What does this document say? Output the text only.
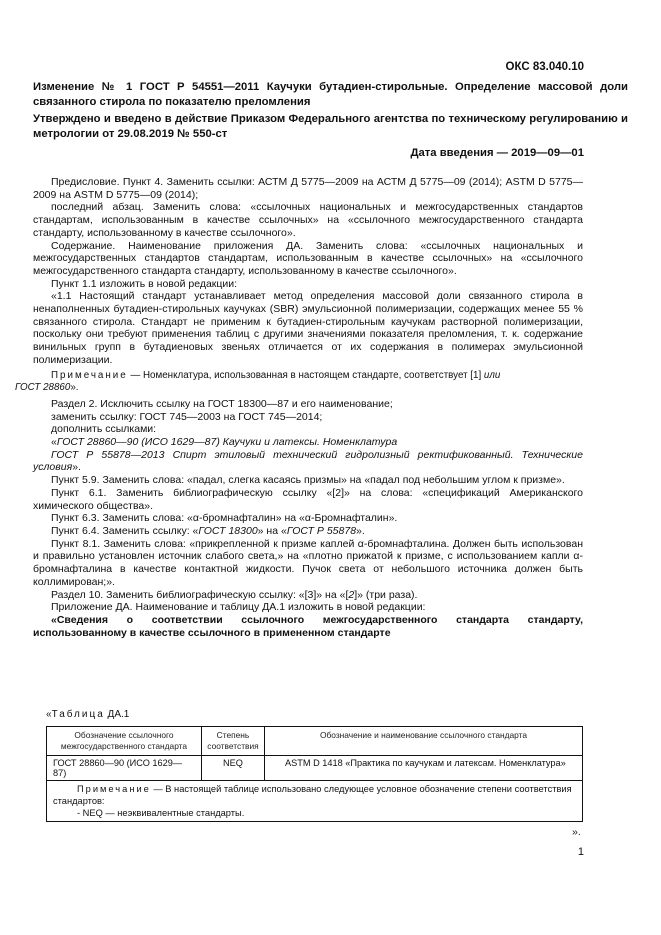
ОКС 83.040.10
Изменение № 1 ГОСТ Р 54551—2011 Каучуки бутадиен-стирольные. Определение массовой доли связанного стирола по показателю преломления
Утверждено и введено в действие Приказом Федерального агентства по техническому регулированию и метрологии от 29.08.2019 № 550-ст
Дата введения — 2019—09—01

Предисловие. Пункт 4. Заменить ссылки: АСТМ Д 5775—2009 на АСТМ Д 5775—09 (2014); ASTM D 5775—2009 на ASTM D 5775—09 (2014);

последний абзац. Заменить слова: «ссылочных национальных и межгосударственных стандартов стандартам, использованным в качестве ссылочных» на «ссылочного межгосударственного стандарта стандарту, использованному в качестве ссылочного».

Содержание. Наименование приложения ДА. Заменить слова: «ссылочных национальных и межгосударственных стандартов стандартам, использованным в качестве ссылочных» на «ссылочного межгосударственного стандарта стандарту, использованному в качестве ссылочного».

Пункт 1.1 изложить в новой редакции:

«1.1 Настоящий стандарт устанавливает метод определения массовой доли связанного стирола в ненаполненных бутадиен-стирольных каучуках (SBR) эмульсионной полимеризации, содержащих менее 55 % связанного стирола. Стандарт не применим к бутадиен-стирольным каучукам растворной полимеризации, поскольку они требуют применения таблиц с другими значениями показателя преломления, т. к. содержание винильных групп в бутадиеновых звеньях отличается от их содержания в полимерах эмульсионной полимеризации.

Примечание — Номенклатура, использованная в настоящем стандарте, соответствует [1] или
ГОСТ 28860».

Раздел 2. Исключить ссылку на ГОСТ 18300—87 и его наименование;

заменить ссылку: ГОСТ 745—2003 на ГОСТ 745—2014;

дополнить ссылками:

«ГОСТ 28860—90 (ИСО 1629—87) Каучуки и латексы. Номенклатура

ГОСТ Р 55878—2013 Спирт этиловый технический гидролизный ректификованный. Технические условия».

Пункт 5.9. Заменить слова: «падал, слегка касаясь призмы» на «падал под небольшим углом к призме».

Пункт 6.1. Заменить библиографическую ссылку «[2]» на слова: «спецификаций Американского химического общества».

Пункт 6.3. Заменить слова: «α-бромнафталин» на «α-Бромнафталин».

Пункт 6.4. Заменить ссылку: «ГОСТ 18300» на «ГОСТ Р 55878».

Пункт 8.1. Заменить слова: «прикрепленной к призме каплей α-бромнафталина. Должен быть использован и правильно установлен источник слабого света,» на «плотно прижатой к призме, с использованием капли α-бромнафталина в качестве контактной жидкости. Пучок света от небольшого источника должен быть коллимирован;».

Раздел 10. Заменить библиографическую ссылку: «[3]» на «[2]» (три раза).

Приложение ДА. Наименование и таблицу ДА.1 изложить в новой редакции:

«Сведения о соответствии ссылочного межгосударственного стандарта стандарту, использованному в качестве ссылочного в примененном стандарте

«Таблица ДА.1
Обозначение ссылочного межгосударственного стандарта	Степень соответствия	Обозначение и наименование ссылочного стандарта
ГОСТ 28860—90 (ИСО 1629—87)	NEQ	ASTM D 1418 «Практика по каучукам и латексам. Номенклатура»

Примечание — В настоящей таблице использовано следующее условное обозначение степени соответствия стандартов:
- NEQ — неэквивалентные стандарты.		
».
1
